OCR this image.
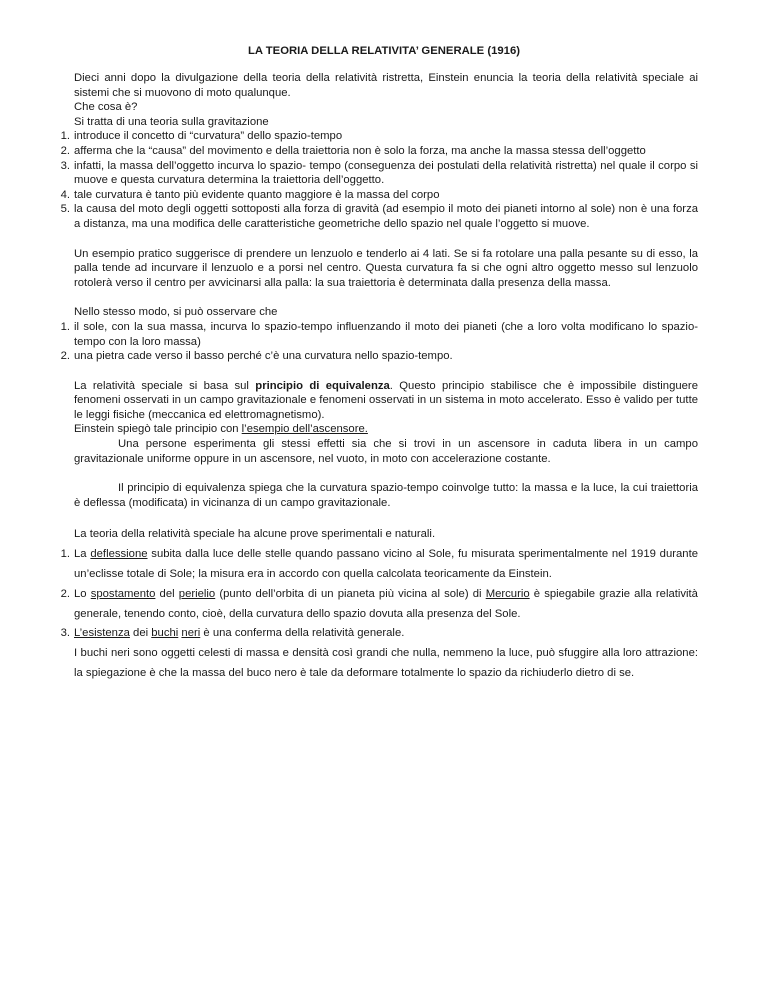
LA TEORIA DELLA RELATIVITA’ GENERALE (1916)
Dieci anni dopo la divulgazione della teoria della relatività ristretta, Einstein enuncia la teoria della relatività speciale ai sistemi che si muovono di moto qualunque.
Che cosa è?
Si tratta di una teoria sulla gravitazione
1. introduce il concetto di “curvatura” dello spazio-tempo
2. afferma che la “causa” del movimento e della traiettoria non è solo la forza, ma anche la massa stessa dell’oggetto
3. infatti, la massa dell’oggetto incurva lo spazio- tempo (conseguenza dei postulati della relatività ristretta) nel quale il corpo si muove e questa curvatura determina la traiettoria dell’oggetto.
4. tale curvatura è tanto più evidente quanto maggiore è la massa del corpo
5. la causa del moto degli oggetti sottoposti alla forza di gravità (ad esempio il moto dei pianeti intorno al sole) non è una forza a distanza, ma una modifica delle caratteristiche geometriche dello spazio nel quale l’oggetto si muove.
Un esempio pratico suggerisce di prendere un lenzuolo e tenderlo ai 4 lati. Se si fa rotolare una palla pesante su di esso, la palla tende ad incurvare il lenzuolo e a porsi nel centro. Questa curvatura fa si che ogni altro oggetto messo sul lenzuolo rotolerà verso il centro per avvicinarsi alla palla: la sua traiettoria è determinata dalla presenza della massa.
Nello stesso modo, si può osservare che
1. il sole, con la sua massa, incurva lo spazio-tempo influenzando il moto dei pianeti (che a loro volta modificano lo spazio-tempo con la loro massa)
2. una pietra cade verso il basso perché c’è una curvatura nello spazio-tempo.
La relatività speciale si basa sul principio di equivalenza. Questo principio stabilisce che è impossibile distinguere fenomeni osservati in un campo gravitazionale e fenomeni osservati in un sistema in moto accelerato. Esso è valido per tutte le leggi fisiche (meccanica ed elettromagnetismo).
Einstein spiegò tale principio con l’esempio dell’ascensore.
Una persone esperimenta gli stessi effetti sia che si trovi in un ascensore in caduta libera in un campo gravitazionale uniforme oppure in un ascensore, nel vuoto, in moto con accelerazione costante.
Il principio di equivalenza spiega che la curvatura spazio-tempo coinvolge tutto: la massa e la luce, la cui traiettoria è deflessa (modificata) in vicinanza di un campo gravitazionale.
La teoria della relatività speciale ha alcune prove sperimentali e naturali.
1. La deflessione subita dalla luce delle stelle quando passano vicino al Sole, fu misurata sperimentalmente nel 1919 durante un’eclisse totale di Sole; la misura era in accordo con quella calcolata teoricamente da Einstein.
2. Lo spostamento del perielio (punto dell’orbita di un pianeta più vicina al sole) di Mercurio è spiegabile grazie alla relatività generale, tenendo conto, cioè, della curvatura dello spazio dovuta alla presenza del Sole.
3. L’esistenza dei buchi neri è una conferma della relatività generale.
I buchi neri sono oggetti celesti di massa e densità così grandi che nulla, nemmeno la luce, può sfuggire alla loro attrazione: la spiegazione è che la massa del buco nero è tale da deformare totalmente lo spazio da richiuderlo dietro di se.
